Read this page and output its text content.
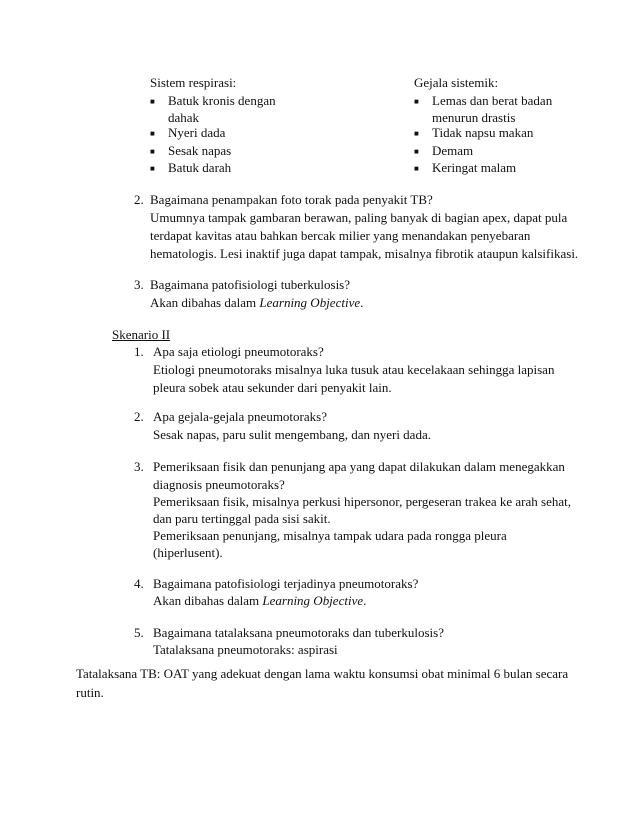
Sistem respirasi:
■ Batuk kronis dengan
dahak
■ Nyeri dada
■ Sesak napas
■ Batuk darah
Gejala sistemik:
■ Lemas dan berat badan
menurun drastis
■ Tidak napsu makan
■ Demam
■ Keringat malam
2. Bagaimana penampakan foto torak pada penyakit TB?
Umumnya tampak gambaran berawan, paling banyak di bagian apex, dapat pula
terdapat kavitas atau bahkan bercak milier yang menandakan penyebaran
hematologis. Lesi inaktif juga dapat tampak, misalnya fibrotik ataupun kalsifikasi.
3. Bagaimana patofisiologi tuberkulosis?
Akan dibahas dalam Learning Objective.
Skenario II
1. Apa saja etiologi pneumotoraks?
Etiologi pneumotoraks misalnya luka tusuk atau kecelakaan sehingga lapisan
pleura sobek atau sekunder dari penyakit lain.
2. Apa gejala-gejala pneumotoraks?
Sesak napas, paru sulit mengembang, dan nyeri dada.
3. Pemeriksaan fisik dan penunjang apa yang dapat dilakukan dalam menegakkan
diagnosis pneumotoraks?
Pemeriksaan fisik, misalnya perkusi hipersonor, pergeseran trakea ke arah sehat,
dan paru tertinggal pada sisi sakit.
Pemeriksaan penunjang, misalnya tampak udara pada rongga pleura
(hiperlusent).
4. Bagaimana patofisiologi terjadinya pneumotoraks?
Akan dibahas dalam Learning Objective.
5. Bagaimana tatalaksana pneumotoraks dan tuberkulosis?
Tatalaksana pneumotoraks: aspirasi
Tatalaksana TB: OAT yang adekuat dengan lama waktu konsumsi obat minimal 6 bulan secara
rutin.
